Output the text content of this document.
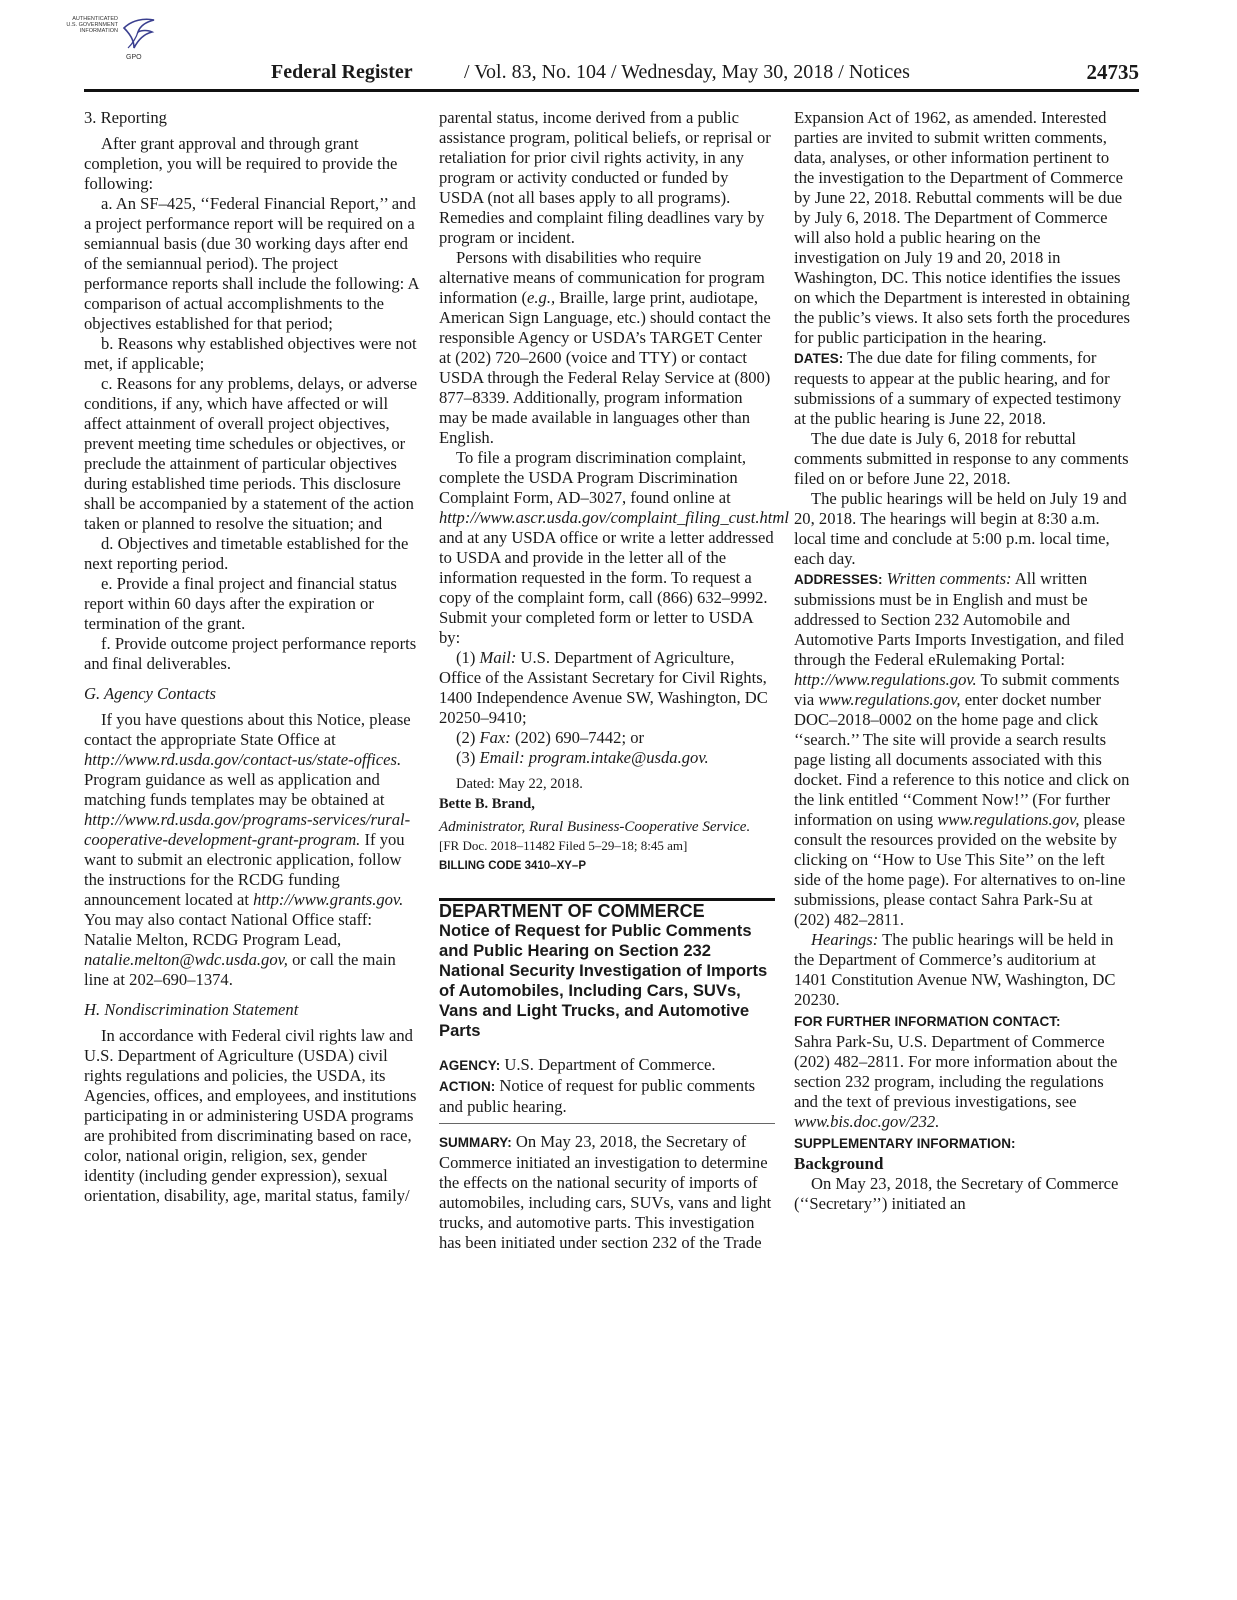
AUTHENTICATED
U.S. GOVERNMENT
INFORMATION
GPO
Federal Register	/ Vol. 83, No. 104 / Wednesday, May 30, 2018 / Notices	24735

3. Reporting

After grant approval and through grant completion, you will be required to provide the following:

a. An SF–425, ‘‘Federal Financial Report,’’ and a project performance report will be required on a semiannual basis (due 30 working days after end of the semiannual period). The project performance reports shall include the following: A comparison of actual accomplishments to the objectives established for that period;

b. Reasons why established objectives were not met, if applicable;

c. Reasons for any problems, delays, or adverse conditions, if any, which have affected or will affect attainment of overall project objectives, prevent meeting time schedules or objectives, or preclude the attainment of particular objectives during established time periods. This disclosure shall be accompanied by a statement of the action taken or planned to resolve the situation; and

d. Objectives and timetable established for the next reporting period.

e. Provide a final project and financial status report within 60 days after the expiration or termination of the grant.

f. Provide outcome project performance reports and final deliverables.

G. Agency Contacts

If you have questions about this Notice, please contact the appropriate State Office at http://www.rd.usda.gov/contact-us/state-offices. Program guidance as well as application and matching funds templates may be obtained at http://www.rd.usda.gov/programs-services/rural-cooperative-development-grant-program. If you want to submit an electronic application, follow the instructions for the RCDG funding announcement located at http://www.grants.gov. You may also contact National Office staff: Natalie Melton, RCDG Program Lead, natalie.melton@wdc.usda.gov, or call the main line at 202–690–1374.

H. Nondiscrimination Statement

In accordance with Federal civil rights law and U.S. Department of Agriculture (USDA) civil rights regulations and policies, the USDA, its Agencies, offices, and employees, and institutions participating in or administering USDA programs are prohibited from discriminating based on race, color, national origin, religion, sex, gender identity (including gender expression), sexual orientation, disability, age, marital status, family/

parental status, income derived from a public assistance program, political beliefs, or reprisal or retaliation for prior civil rights activity, in any program or activity conducted or funded by USDA (not all bases apply to all programs). Remedies and complaint filing deadlines vary by program or incident.

Persons with disabilities who require alternative means of communication for program information (e.g., Braille, large print, audiotape, American Sign Language, etc.) should contact the responsible Agency or USDA’s TARGET Center at (202) 720–2600 (voice and TTY) or contact USDA through the Federal Relay Service at (800) 877–8339. Additionally, program information may be made available in languages other than English.

To file a program discrimination complaint, complete the USDA Program Discrimination Complaint Form, AD–3027, found online at http://www.ascr.usda.gov/complaint_filing_cust.html and at any USDA office or write a letter addressed to USDA and provide in the letter all of the information requested in the form. To request a copy of the complaint form, call (866) 632–9992. Submit your completed form or letter to USDA by:

(1) Mail: U.S. Department of Agriculture, Office of the Assistant Secretary for Civil Rights, 1400 Independence Avenue SW, Washington, DC 20250–9410;

(2) Fax: (202) 690–7442; or

(3) Email: program.intake@usda.gov.

Dated: May 22, 2018.

Bette B. Brand,

Administrator, Rural Business-Cooperative Service.

[FR Doc. 2018–11482 Filed 5–29–18; 8:45 am]

BILLING CODE 3410–XY–P

DEPARTMENT OF COMMERCE

Notice of Request for Public Comments and Public Hearing on Section 232 National Security Investigation of Imports of Automobiles, Including Cars, SUVs, Vans and Light Trucks, and Automotive Parts

AGENCY: U.S. Department of Commerce.

ACTION: Notice of request for public comments and public hearing.

SUMMARY: On May 23, 2018, the Secretary of Commerce initiated an investigation to determine the effects on the national security of imports of automobiles, including cars, SUVs, vans and light trucks, and automotive parts. This investigation has been initiated under section 232 of the Trade

Expansion Act of 1962, as amended. Interested parties are invited to submit written comments, data, analyses, or other information pertinent to the investigation to the Department of Commerce by June 22, 2018. Rebuttal comments will be due by July 6, 2018. The Department of Commerce will also hold a public hearing on the investigation on July 19 and 20, 2018 in Washington, DC. This notice identifies the issues on which the Department is interested in obtaining the public’s views. It also sets forth the procedures for public participation in the hearing.

DATES: The due date for filing comments, for requests to appear at the public hearing, and for submissions of a summary of expected testimony at the public hearing is June 22, 2018.

The due date is July 6, 2018 for rebuttal comments submitted in response to any comments filed on or before June 22, 2018.

The public hearings will be held on July 19 and 20, 2018. The hearings will begin at 8:30 a.m. local time and conclude at 5:00 p.m. local time, each day.

ADDRESSES: Written comments: All written submissions must be in English and must be addressed to Section 232 Automobile and Automotive Parts Imports Investigation, and filed through the Federal eRulemaking Portal: http://www.regulations.gov. To submit comments via www.regulations.gov, enter docket number DOC–2018–0002 on the home page and click ‘‘search.’’ The site will provide a search results page listing all documents associated with this docket. Find a reference to this notice and click on the link entitled ‘‘Comment Now!’’ (For further information on using www.regulations.gov, please consult the resources provided on the website by clicking on ‘‘How to Use This Site’’ on the left side of the home page). For alternatives to on-line submissions, please contact Sahra Park-Su at (202) 482–2811.

Hearings: The public hearings will be held in the Department of Commerce’s auditorium at 1401 Constitution Avenue NW, Washington, DC 20230.

FOR FURTHER INFORMATION CONTACT:

Sahra Park-Su, U.S. Department of Commerce (202) 482–2811. For more information about the section 232 program, including the regulations and the text of previous investigations, see www.bis.doc.gov/232.

SUPPLEMENTARY INFORMATION:

Background

On May 23, 2018, the Secretary of Commerce (‘‘Secretary’’) initiated an
